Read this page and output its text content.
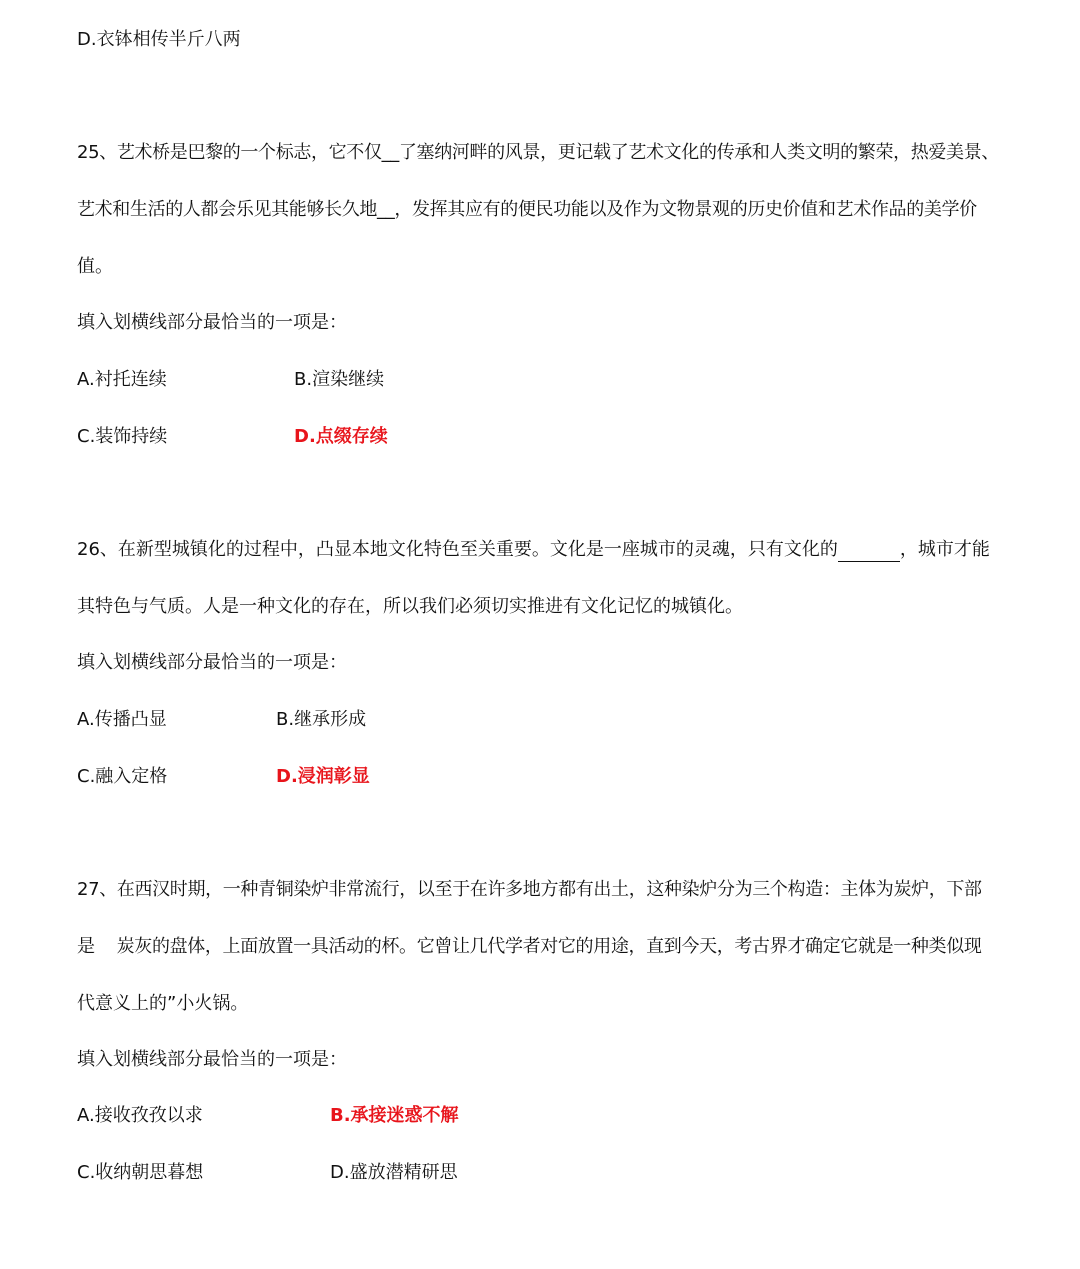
D.衣钵相传半斤八两
25、艺术桥是巴黎的一个标志，它不仅__了塞纳河畔的风景，更记载了艺术文化的传承和人类文明的繁荣，热爱美景、
艺术和生活的人都会乐见其能够长久地__，发挥其应有的便民功能以及作为文物景观的历史价值和艺术作品的美学价
值。
填入划横线部分最恰当的一项是：
A.衬托连续	B.渲染继续
C.装饰持续	D.点缀存续
26、在新型城镇化的过程中，凸显本地文化特色至关重要。文化是一座城市的灵魂，只有文化的	，城市才能
其特色与气质。人是一种文化的存在，所以我们必须切实推进有文化记忆的城镇化。
填入划横线部分最恰当的一项是：
A.传播凸显	B.继承形成
C.融入定格	D.浸润彰显
27、在西汉时期，一种青铜染炉非常流行，以至于在许多地方都有出土，这种染炉分为三个构造：主体为炭炉，下部
是 炭灰的盘体，上面放置一具活动的杯。它曾让几代学者对它的用途，直到今天，考古界才确定它就是一种类似现
代意义上的”小火锅。
填入划横线部分最恰当的一项是：
A.接收孜孜以求	B.承接迷惑不解
C.收纳朝思暮想	D.盛放潜精研思
